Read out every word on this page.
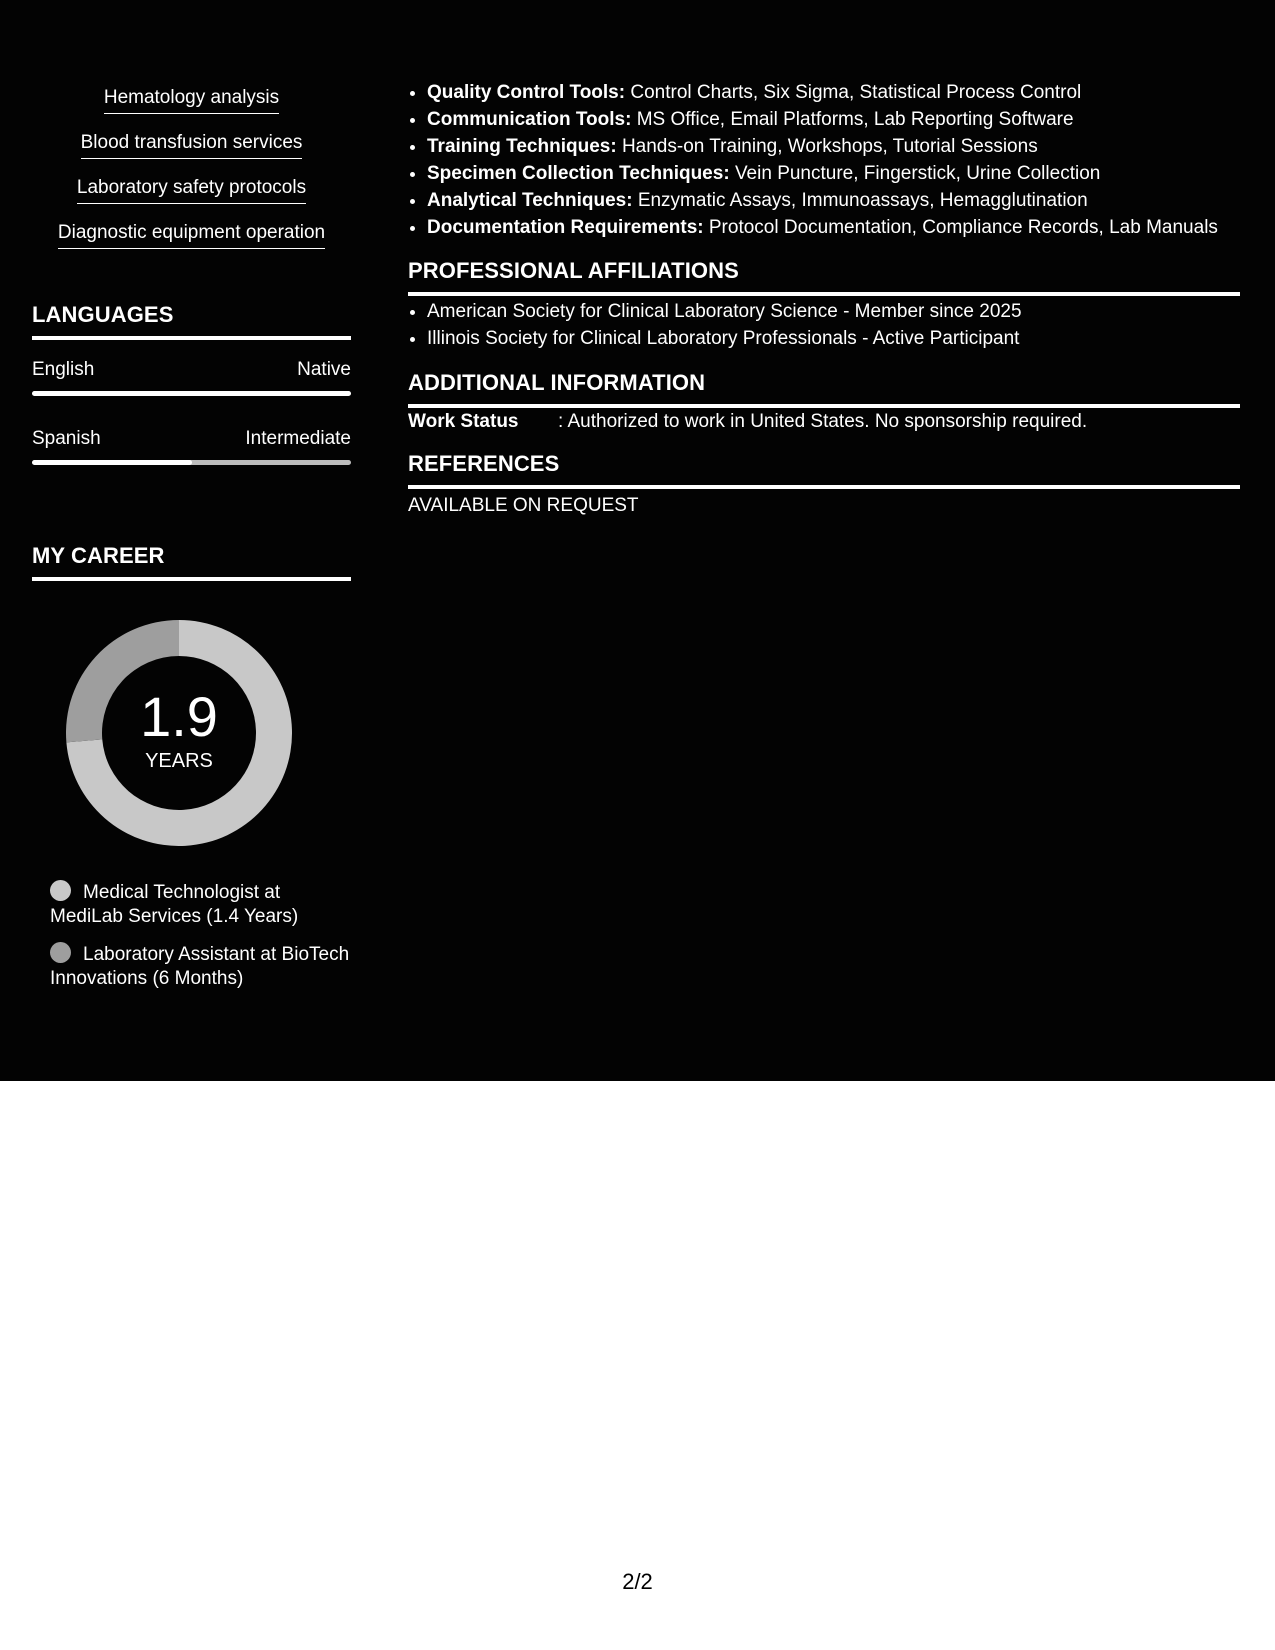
Hematology analysis
Blood transfusion services
Laboratory safety protocols
Diagnostic equipment operation
LANGUAGES
English	Native
Spanish	Intermediate
MY CAREER
1.9
YEARS
Medical Technologist at MediLab Services (1.4 Years)
Laboratory Assistant at BioTech Innovations (6 Months)
• Quality Control Tools: Control Charts, Six Sigma, Statistical Process Control
• Communication Tools: MS Office, Email Platforms, Lab Reporting Software
• Training Techniques: Hands-on Training, Workshops, Tutorial Sessions
• Specimen Collection Techniques: Vein Puncture, Fingerstick, Urine Collection
• Analytical Techniques: Enzymatic Assays, Immunoassays, Hemagglutination
• Documentation Requirements: Protocol Documentation, Compliance Records, Lab Manuals
PROFESSIONAL AFFILIATIONS
• American Society for Clinical Laboratory Science - Member since 2025
• Illinois Society for Clinical Laboratory Professionals - Active Participant
ADDITIONAL INFORMATION
Work Status : Authorized to work in United States. No sponsorship required.
REFERENCES
AVAILABLE ON REQUEST
2/2
